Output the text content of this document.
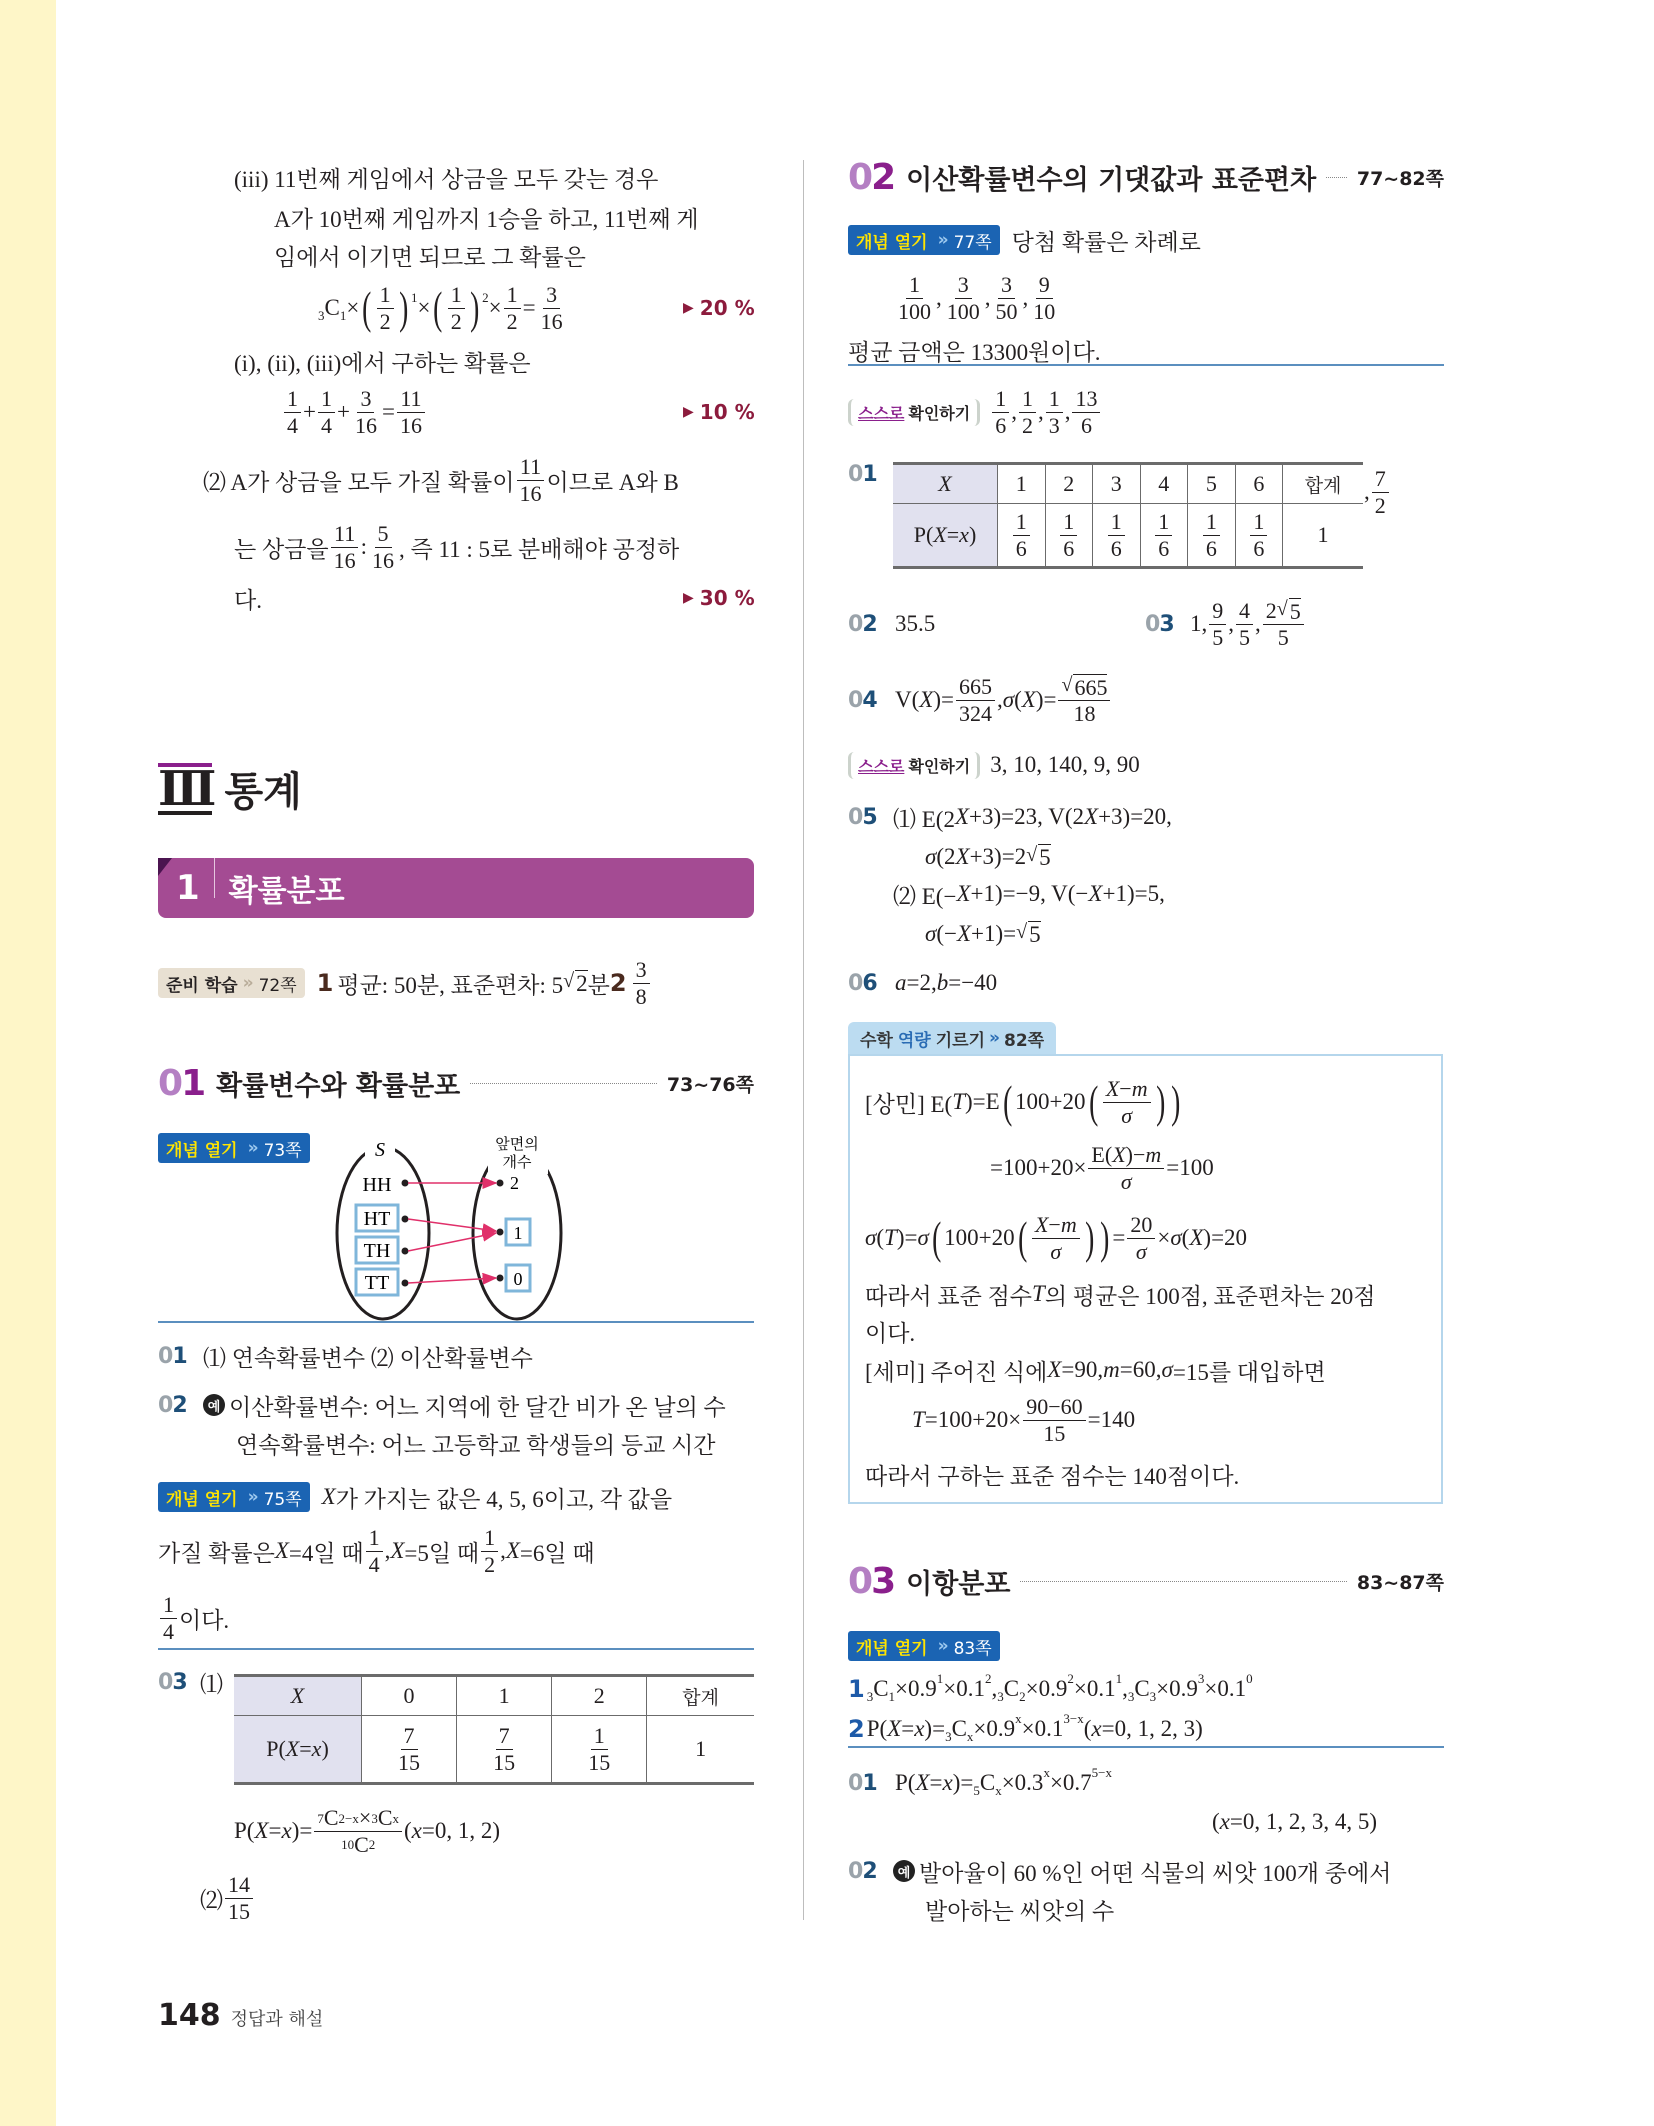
(iii) 11번째 게임에서 상금을 모두 갖는 경우
A가 10번째 게임까지 1승을 하고, 11번째 게
임에서 이기면 되므로 그 확률은
3 C 1 × ( $\frac{1}{2}$ ) 1 × ( $\frac{1}{2}$ ) $2 \times \frac{1}{2} = \frac{3}{16}$	▶ 20 %
(i), (ii), (iii)에서 구하는 확률은
$\frac{1}{4} + \frac{1}{4} + \frac{3}{16} = \frac{11}{16}$	▶ 10 %
⑵ A가 상금을 모두 가질 확률이 $\frac{11}{16}$ 이므로 A와 B
는 상금을 $\frac{11}{16}$ : $\frac{5}{16}$ , 즉 11 : 5로 분배해야 공정하
다.	▶ 30 %
Ⅲ 통계
1 확률분포
준비 학습 » 72쪽 1 평균: 50분, 표준편차: 5 √ 2 분 $2 \frac{3}{8}$
0 1 확률변수와 확률분포	73~76쪽
개념 열기 » 73쪽	S	앞면의
개수
HH
HT
TH
TT
2
1
0
0 1 ⑴ 연속확률변수 ⑵ 이산확률변수
0 2	예 이산확률변수: 어느 지역에 한 달간 비가 온 날의 수
연속확률변수: 어느 고등학교 학생들의 등교 시간
개념 열기 » 75쪽 X 가 가지는 값은 4, 5, 6이고, 각 값을
가질 확률은 X =4일 때 $\frac{1}{4}$ , X =5일 때 $\frac{1}{2}$ , X =6일 때
$\frac{1}{4}$ 이다.
0 3 ⑴	X	0	1	2	합계
P(X=x)	$\frac{7}{15}$	$\frac{7}{15}$	$\frac{1}{15}$	1
P( X = x )= $\frac{\text{7 C 2−x × 3 C x}}{10 C 2}$ ( x =0, 1, 2)
⑵ $\frac{14}{15}$
148 정답과 해설
0 2 이산확률변수의 기댓값과 표준편차 77~82쪽
개념 열기 » 77쪽 당첨 확률은 차례로
$\frac{1}{100}$ , $\frac{3}{100}$ , $\frac{3}{50}$ , $\frac{9}{10}$
평균 금액은 13300원이다.
스스로 확인하기 $\frac{1}{6}$ , $\frac{1}{2}$ , $\frac{1}{3}$ , $\frac{13}{6}$
0 1	X	1	2	3	4	5	6	합계
P(X=x)	$\frac{1}{6}$	$\frac{1}{6}$	$\frac{1}{6}$	$\frac{1}{6}$	$\frac{1}{6}$	$\frac{1}{6}$	1
, $\frac{7}{2}$
0 2 35.5	0 3 1, $\frac{9}{5}$ , $\frac{4}{5}$ , $\frac{2 √ 5}{5}$
0 4 V( X )= $\frac{665}{324}$ , σ ( X )= $\frac{√ 665}{18}$
스스로 확인하기 3, 10, 140, 9, 90
0 5 ⑴ E(2 X +3)=23, V(2 X +3)=20,
σ (2 X +3)=2 √ 5
⑵ E(− X +1)=−9, V(− X +1)=5,
σ (− X +1)= √ 5
0 6 a =2, b =−40
수학 역량 기르기 » 82쪽
[상민] E( T )=E ( 100+20 ( $\frac{X - m}{\sigma}$ ) )
$=100+20\times \frac{E( X )- m}{\sigma} =100$
σ ( T )= σ ( 100+20 ( $\frac{X - m}{\sigma}$ ) ) = $\frac{20}{\sigma} \times \sigma$ ( X )=20
따라서 표준 점수 T 의 평균은 100점, 표준편차는 20점
이다.
[세미] 주어진 식에 X =90, m =60, σ =15를 대입하면
$T =100+20\times \frac{90-60}{15} =140$
따라서 구하는 표준 점수는 140점이다.
0 3 이항분포	83~87쪽
개념 열기 » 83쪽
1 3 C 1 ×0.9 1 ×0.1 2 , 3 C 2 ×0.9 2 ×0.1 1 , 3 C 3 ×0.9 3 ×0.1 0
2 P( X = x )= 3 C x ×0.9 x ×0.1 3−x ( x =0, 1, 2, 3)
0 1 P( X = x )= 5 C x ×0.3 x ×0.7 5−x
( x =0, 1, 2, 3, 4, 5)
0 2	예 발아율이 60 %인 어떤 식물의 씨앗 100개 중에서
발아하는 씨앗의 수
